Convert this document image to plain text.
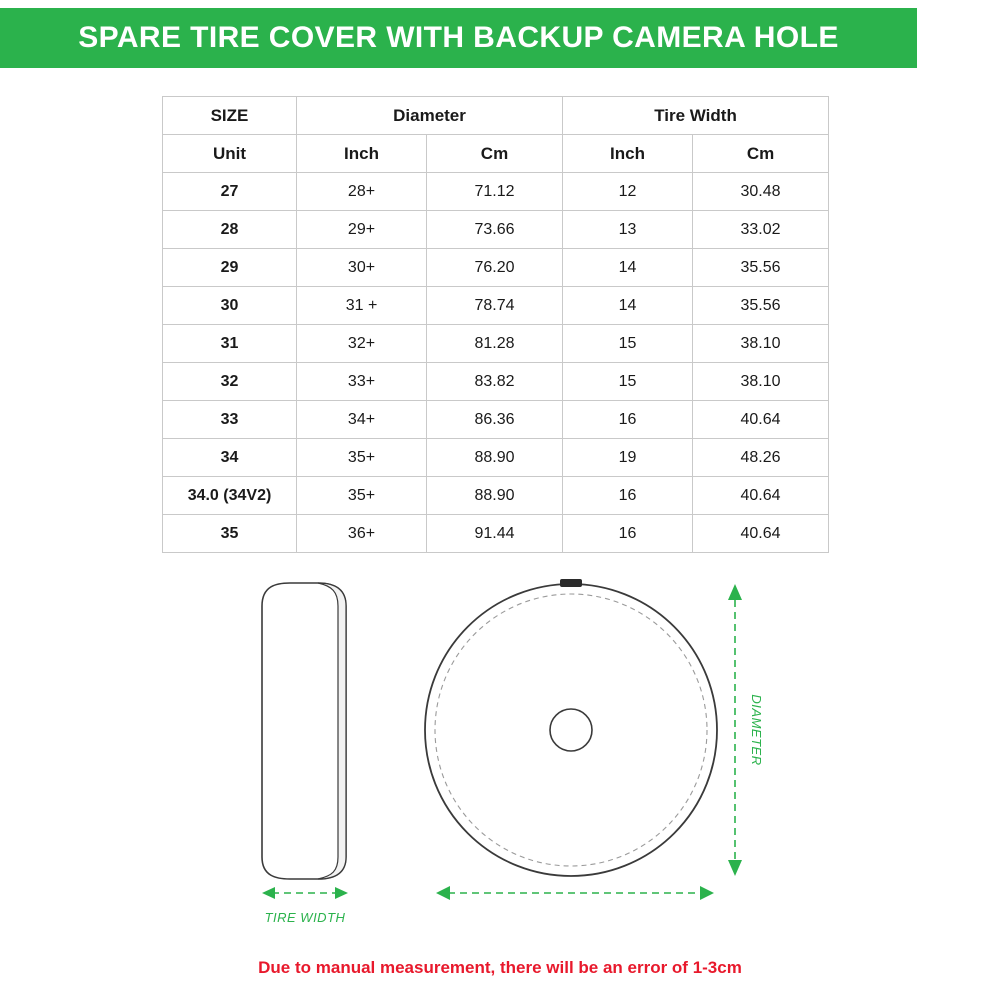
SPARE TIRE COVER WITH BACKUP CAMERA HOLE
SIZE	Diameter		Tire Width	
Unit	Inch	Cm	Inch	Cm
27	28+	71.12	12	30.48
28	29+	73.66	13	33.02
29	30+	76.20	14	35.56
30	31 +	78.74	14	35.56
31	32+	81.28	15	38.10
32	33+	83.82	15	38.10
33	34+	86.36	16	40.64
34	35+	88.90	19	48.26
34.0 (34V2)	35+	88.90	16	40.64
35	36+	91.44	16	40.64
TIRE WIDTH
DIAMETER
Due to manual measurement, there will be an error of 1-3cm
